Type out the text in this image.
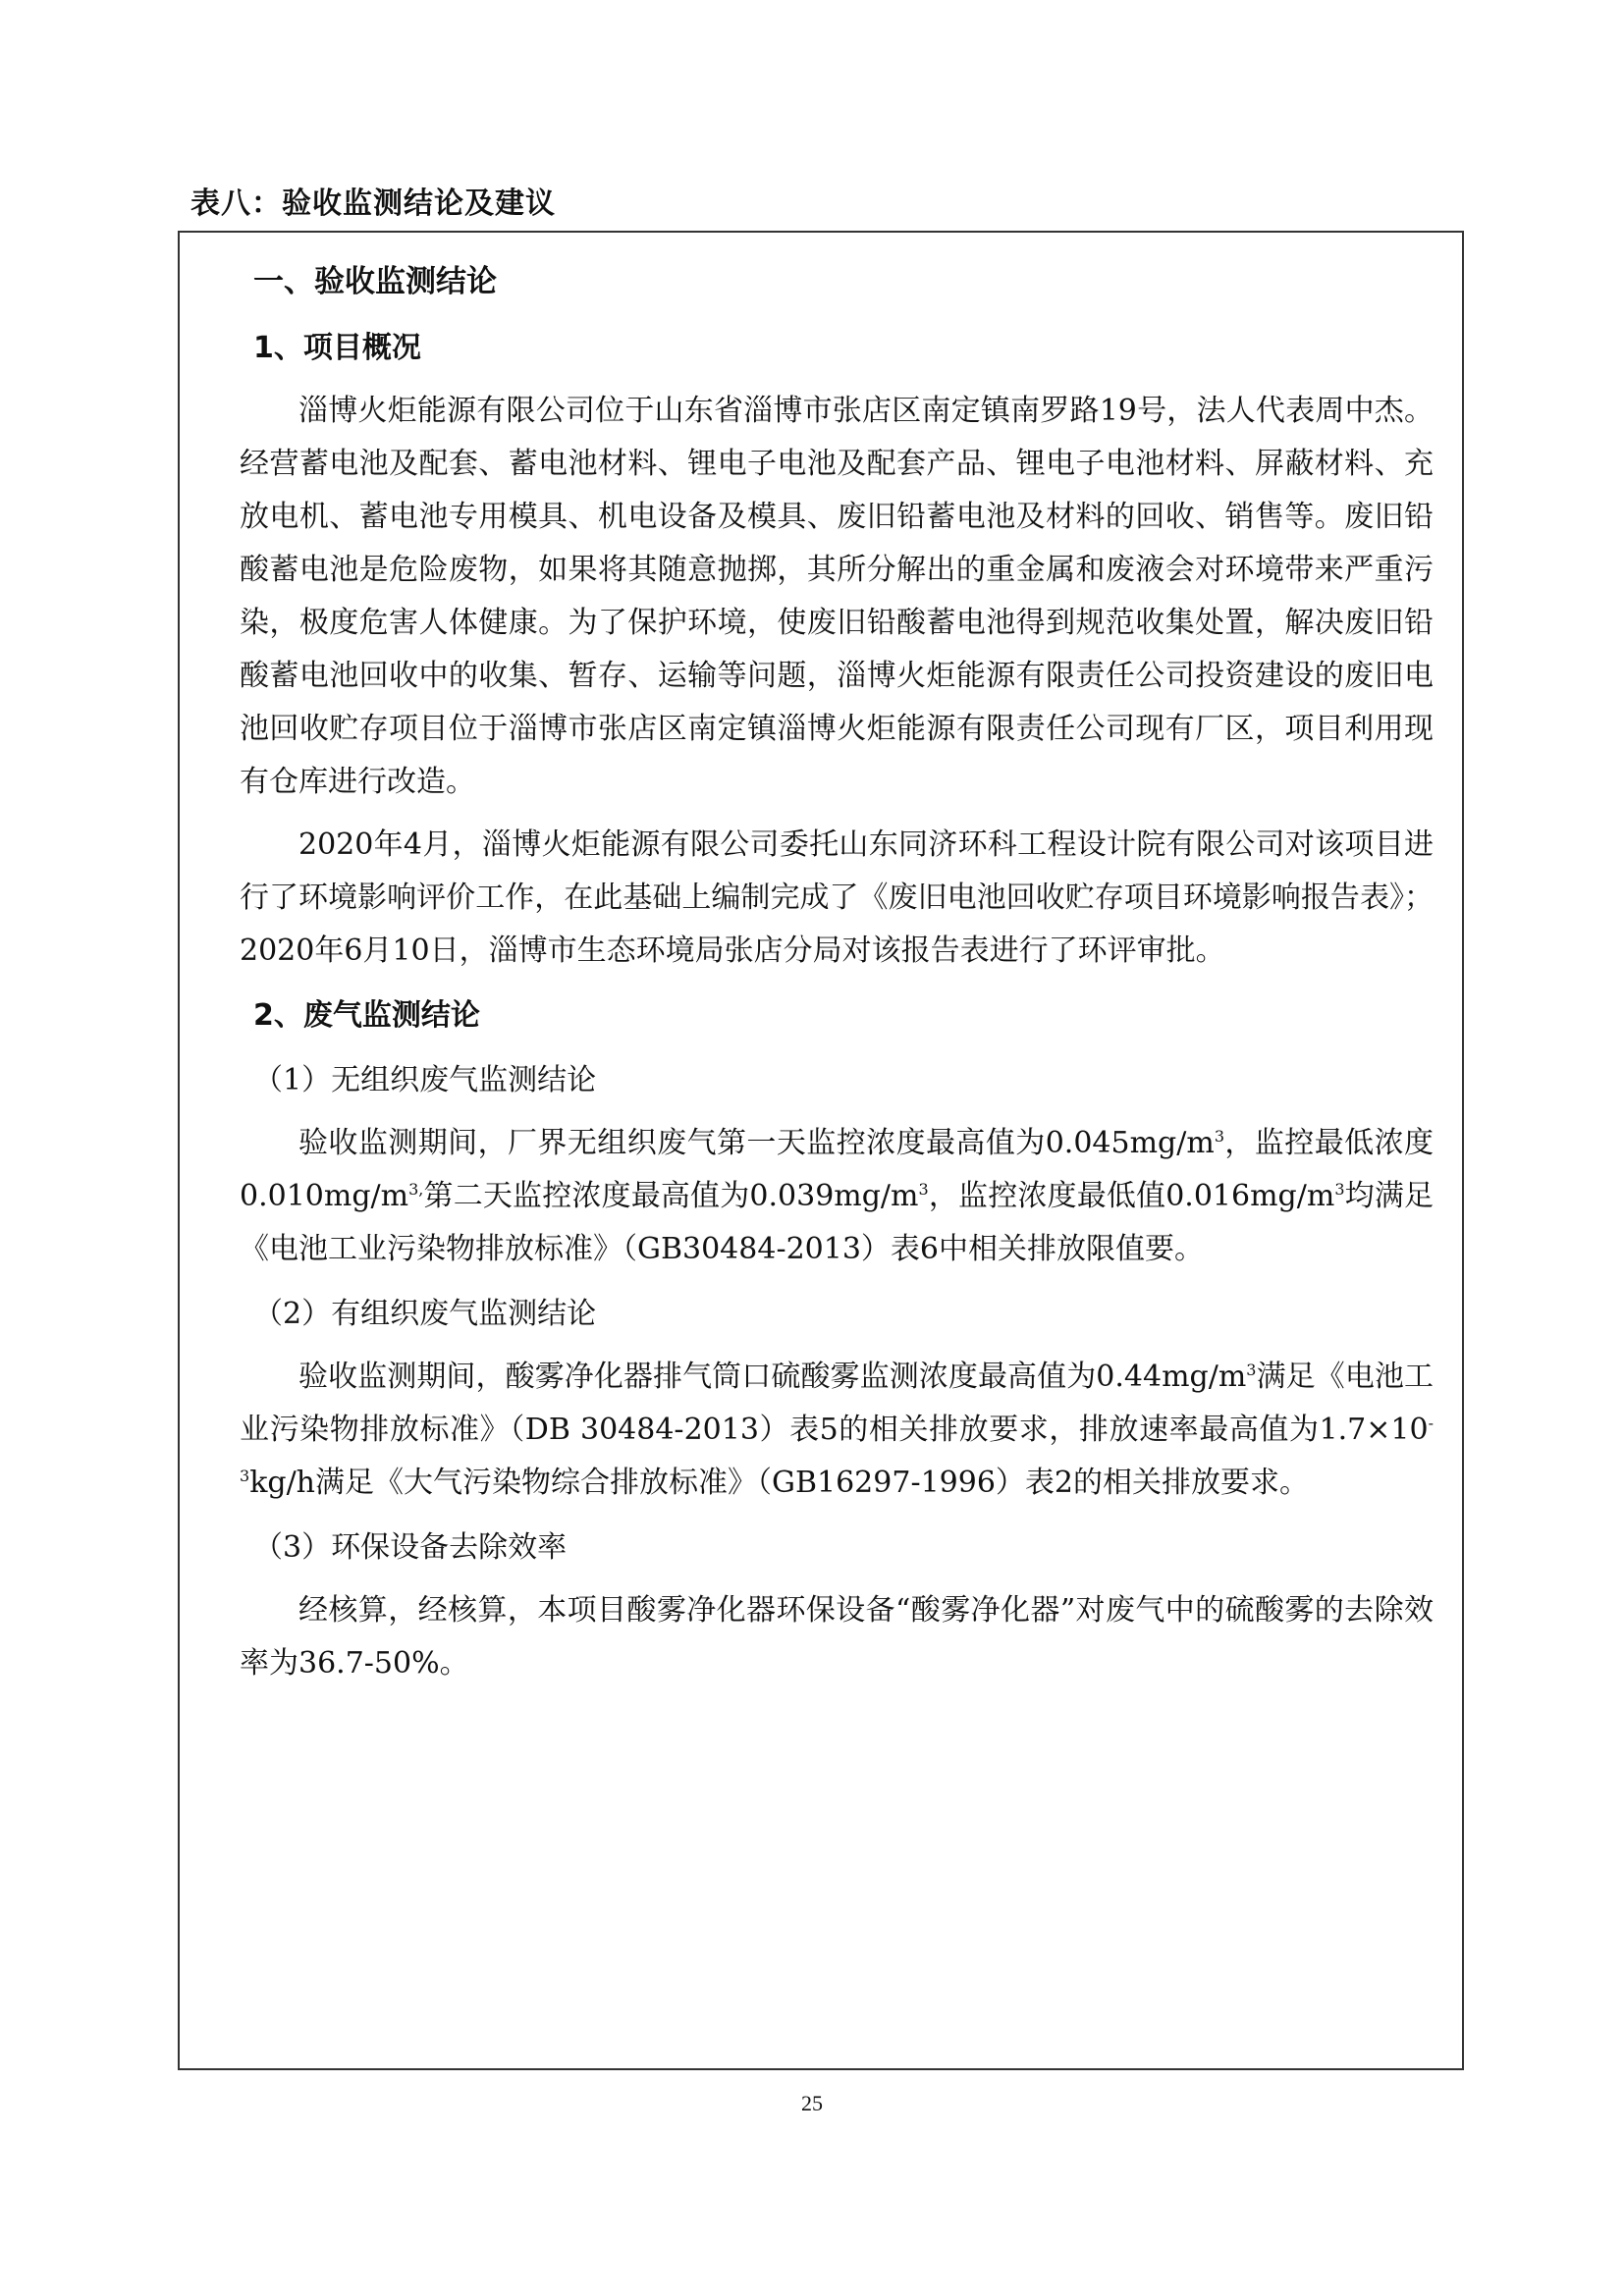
表八：验收监测结论及建议
一、验收监测结论
1、项目概况
淄博火炬能源有限公司位于山东省淄博市张店区南定镇南罗路19号，法人代表周中杰。经营蓄电池及配套、蓄电池材料、锂电子电池及配套产品、锂电子电池材料、屏蔽材料、充放电机、蓄电池专用模具、机电设备及模具、废旧铅蓄电池及材料的回收、销售等。废旧铅酸蓄电池是危险废物，如果将其随意抛掷，其所分解出的重金属和废液会对环境带来严重污染，极度危害人体健康。为了保护环境，使废旧铅酸蓄电池得到规范收集处置，解决废旧铅酸蓄电池回收中的收集、暂存、运输等问题，淄博火炬能源有限责任公司投资建设的废旧电池回收贮存项目位于淄博市张店区南定镇淄博火炬能源有限责任公司现有厂区，项目利用现有仓库进行改造。
2020年4月，淄博火炬能源有限公司委托山东同济环科工程设计院有限公司对该项目进行了环境影响评价工作，在此基础上编制完成了《废旧电池回收贮存项目环境影响报告表》；2020年6月10日，淄博市生态环境局张店分局对该报告表进行了环评审批。
2、废气监测结论
（1）无组织废气监测结论
验收监测期间，厂界无组织废气第一天监控浓度最高值为$0.045mg/m^3$，监控最低浓度$0.010mg/m^{3,}$第二天监控浓度最高值为$0.039mg/m^3$，监控浓度最低值$0.016mg/m^3$均满足《电池工业污染物排放标准》（GB30484-2013）表6中相关排放限值要。
（2）有组织废气监测结论
验收监测期间，酸雾净化器排气筒口硫酸雾监测浓度最高值为$0.44mg/m^3$满足《电池工业污染物排放标准》（DB 30484-2013）表5的相关排放要求，排放速率最高值为$1.7\times 10^{-3}kg/h$满足《大气污染物综合排放标准》（GB16297-1996）表2的相关排放要求。
（3）环保设备去除效率
经核算，经核算，本项目酸雾净化器环保设备“酸雾净化器”对废气中的硫酸雾的去除效率为36.7-50%。
25
